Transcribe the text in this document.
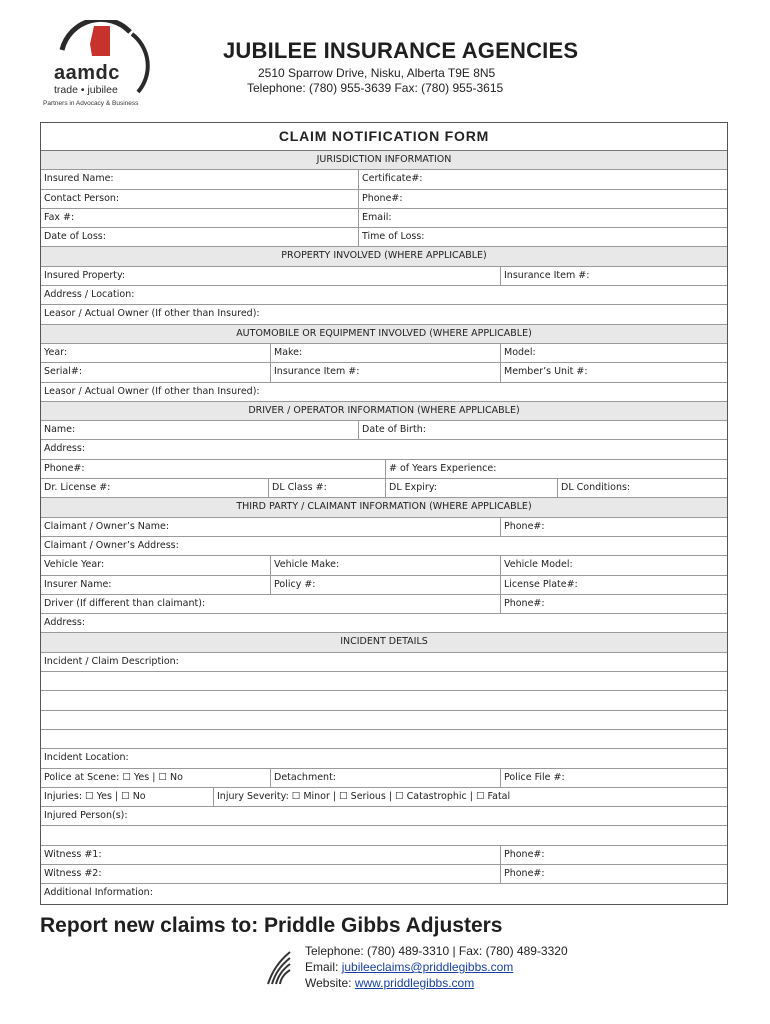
aamdc
trade • jubilee
Partners in Advocacy & Business
JUBILEE INSURANCE AGENCIES
2510 Sparrow Drive, Nisku, Alberta T9E 8N5
Telephone: (780) 955-3639 Fax: (780) 955-3615
CLAIM NOTIFICATION FORM
JURISDICTION INFORMATION
Insured Name:	Certificate#:
Contact Person:	Phone#:
Fax #:	Email:
Date of Loss:	Time of Loss:
PROPERTY INVOLVED (WHERE APPLICABLE)
Insured Property:	Insurance Item #:
Address / Location:
Leasor / Actual Owner (If other than Insured):
AUTOMOBILE OR EQUIPMENT INVOLVED (WHERE APPLICABLE)
Year:	Make:	Model:
Serial#:	Insurance Item #:	Member’s Unit #:
Leasor / Actual Owner (If other than Insured):
DRIVER / OPERATOR INFORMATION (WHERE APPLICABLE)
Name:	Date of Birth:
Address:
Phone#:	# of Years Experience:
Dr. License #:	DL Class #:	DL Expiry:	DL Conditions:
THIRD PARTY / CLAIMANT INFORMATION (WHERE APPLICABLE)
Claimant / Owner’s Name:	Phone#:
Claimant / Owner’s Address:
Vehicle Year:	Vehicle Make:	Vehicle Model:
Insurer Name:	Policy #:	License Plate#:
Driver (If different than claimant):	Phone#:
Address:
INCIDENT DETAILS
Incident / Claim Description:
Incident Location:
Police at Scene: ☐ Yes | ☐ No	Detachment:	Police File #:
Injuries: ☐ Yes | ☐ No	Injury Severity: ☐ Minor | ☐ Serious | ☐ Catastrophic | ☐ Fatal
Injured Person(s):
Witness #1:	Phone#:
Witness #2:	Phone#:
Additional Information:
Report new claims to: Priddle Gibbs Adjusters
Telephone: (780) 489-3310 | Fax: (780) 489-3320
Email: jubileeclaims@priddlegibbs.com
Website: www.priddlegibbs.com
